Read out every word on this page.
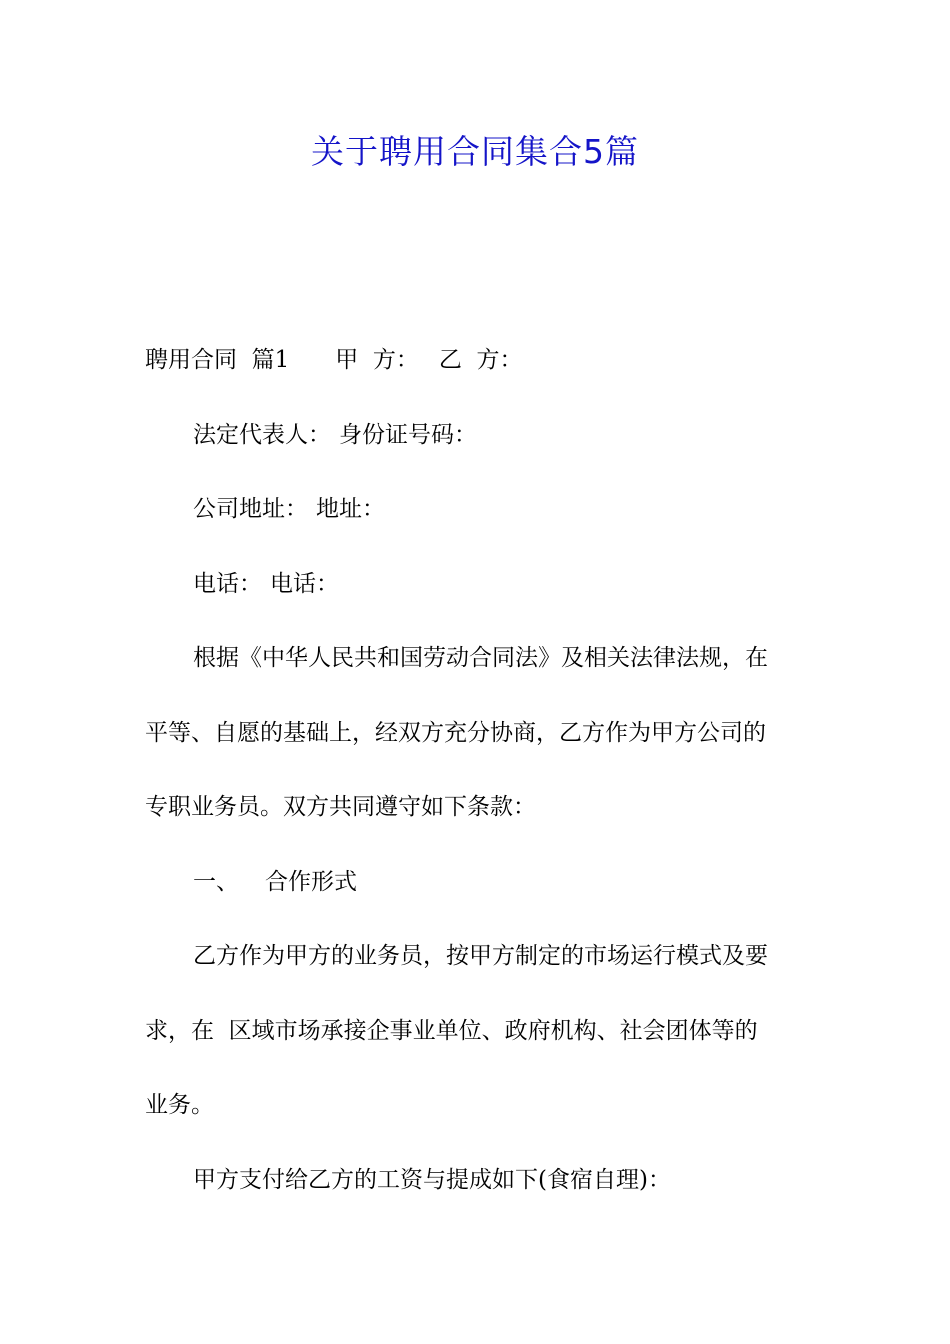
关于聘用合同集合5篇
聘用合同  篇1 甲  方： 乙  方：
法定代表人： 身份证号码：
公司地址： 地址：
电话： 电话：
根据《中华人民共和国劳动合同法》及相关法律法规，在
平等、自愿的基础上，经双方充分协商，乙方作为甲方公司的
专职业务员。双方共同遵守如下条款：
一、 合作形式
乙方作为甲方的业务员，按甲方制定的市场运行模式及要
求，在  区域市场承接企事业单位、政府机构、社会团体等的
业务。
甲方支付给乙方的工资与提成如下(食宿自理)：
